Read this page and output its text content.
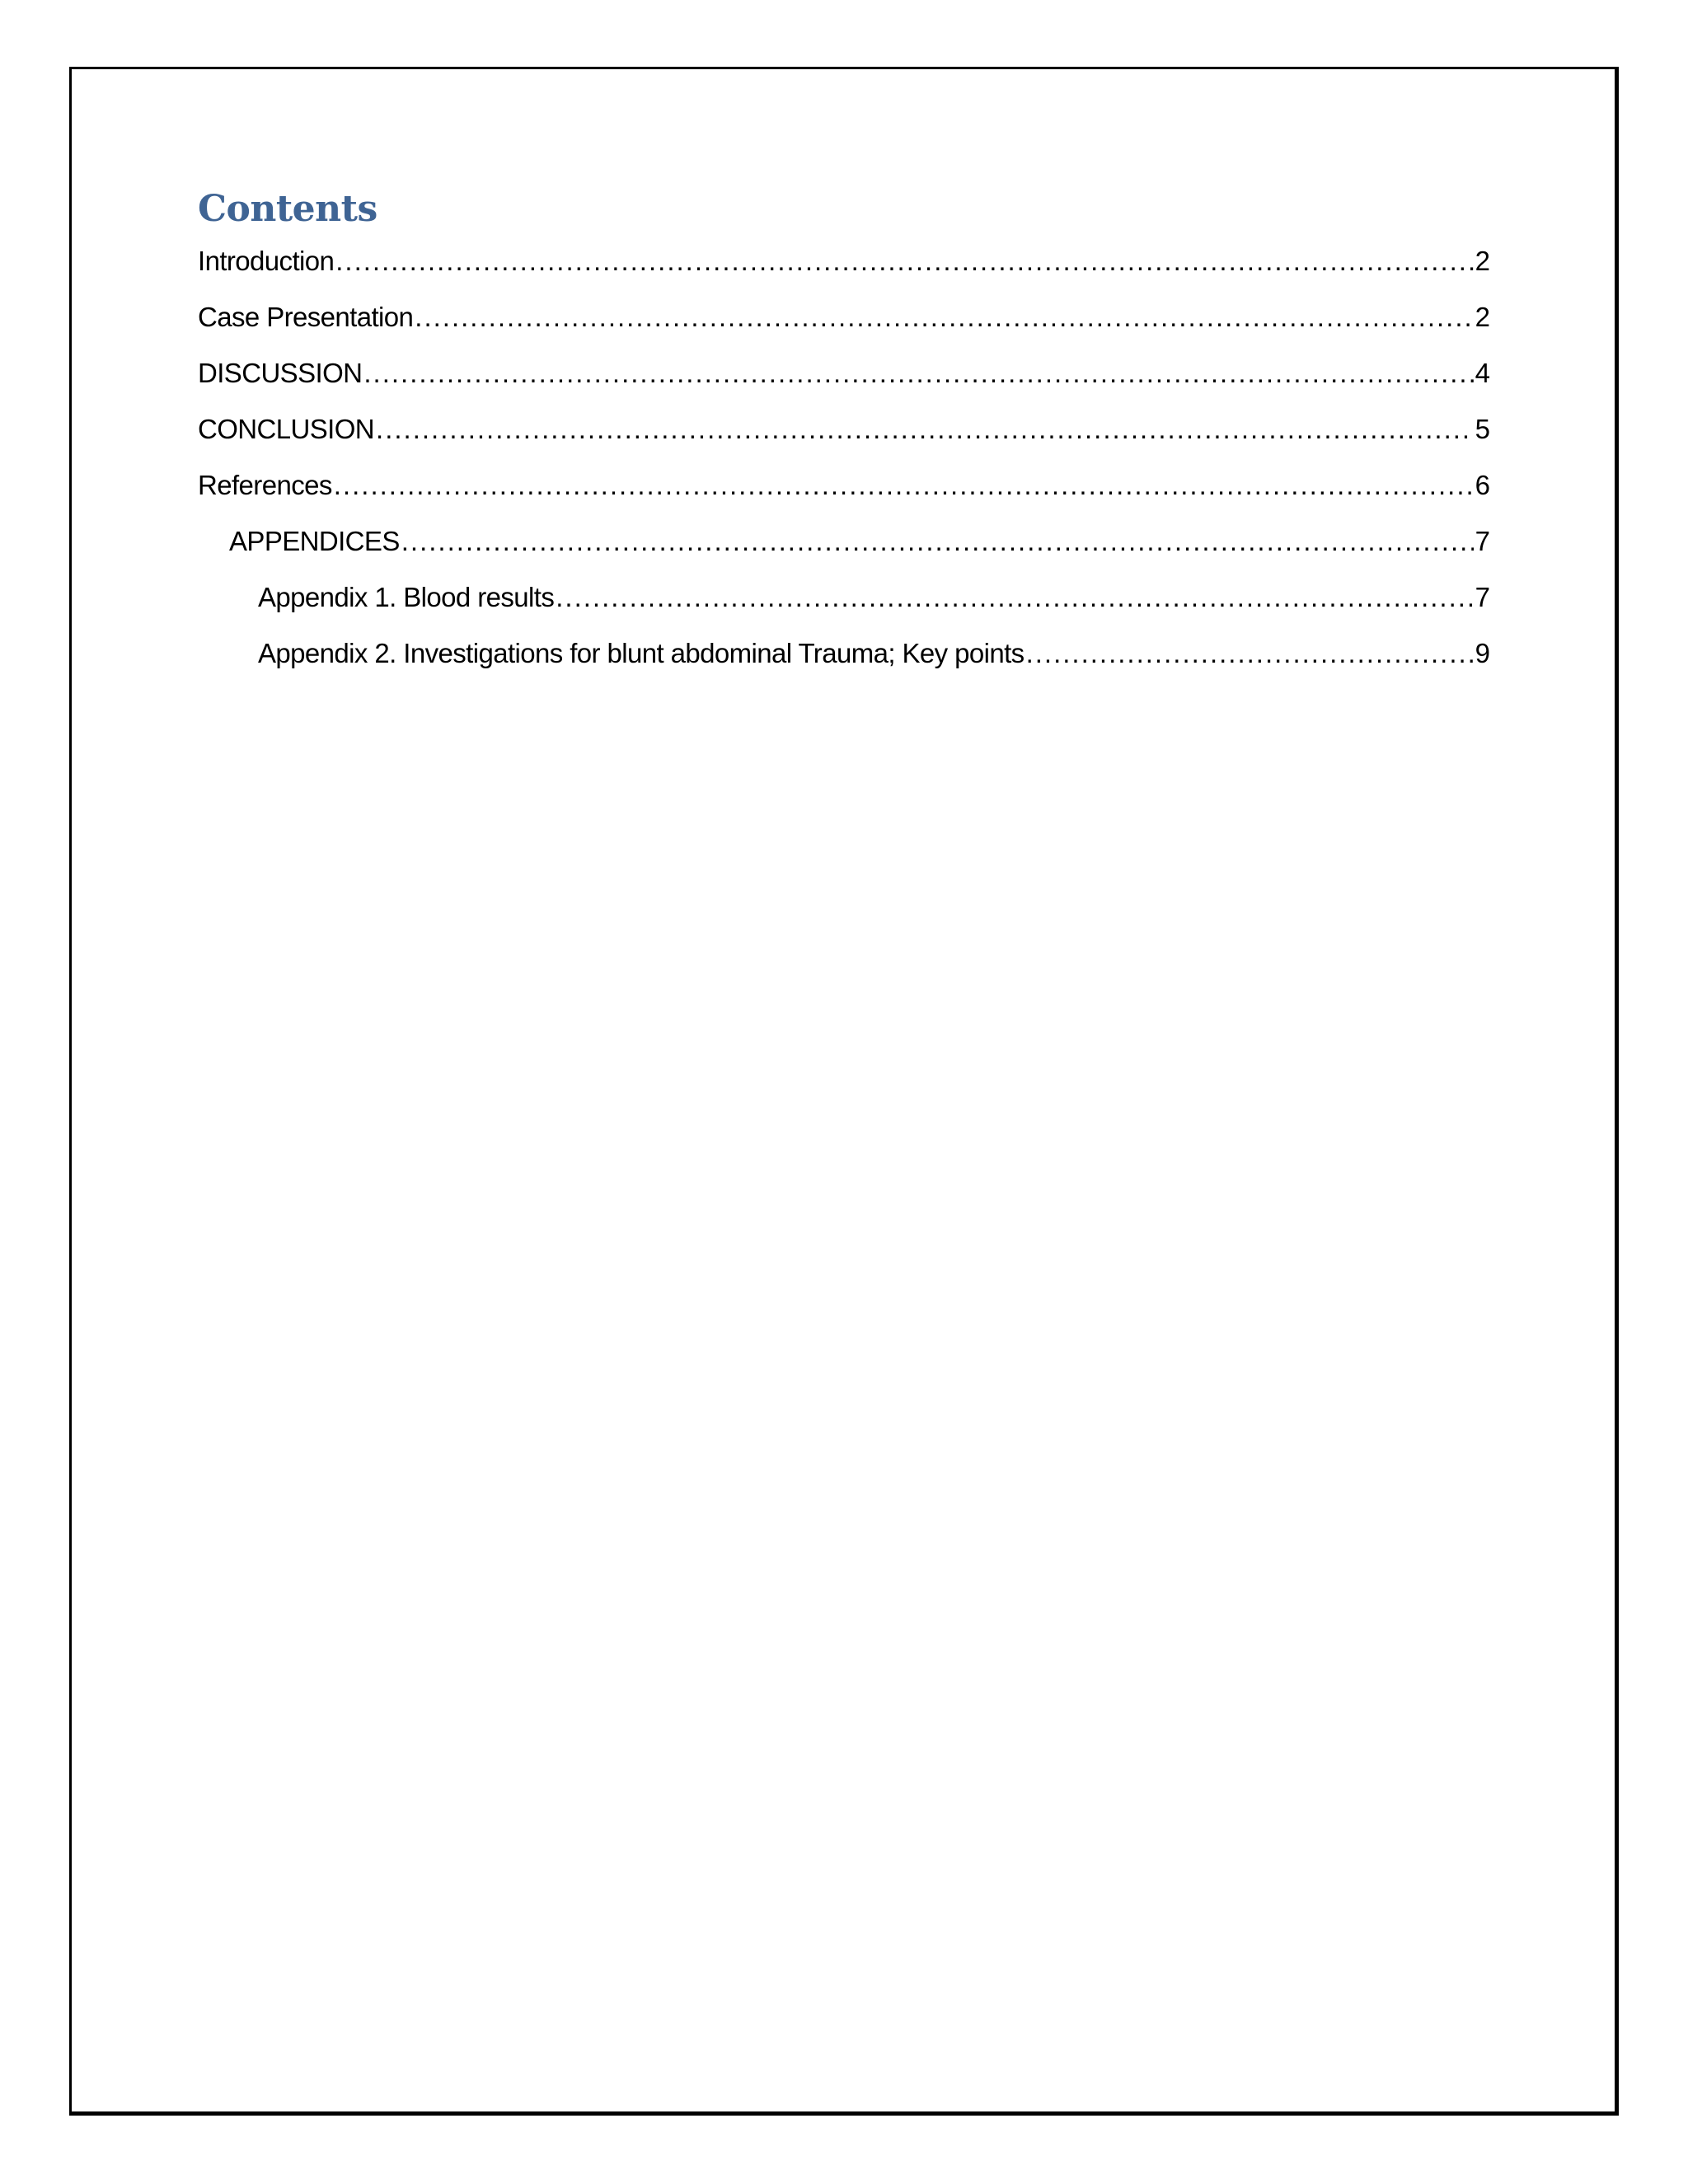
Contents
Introduction .....	2
Case Presentation .....	2
DISCUSSION .....	4
CONCLUSION .....	5
References .....	6
APPENDICES .....	7
Appendix 1. Blood results .....	7
Appendix 2. Investigations for blunt abdominal Trauma; Key points .....	9
